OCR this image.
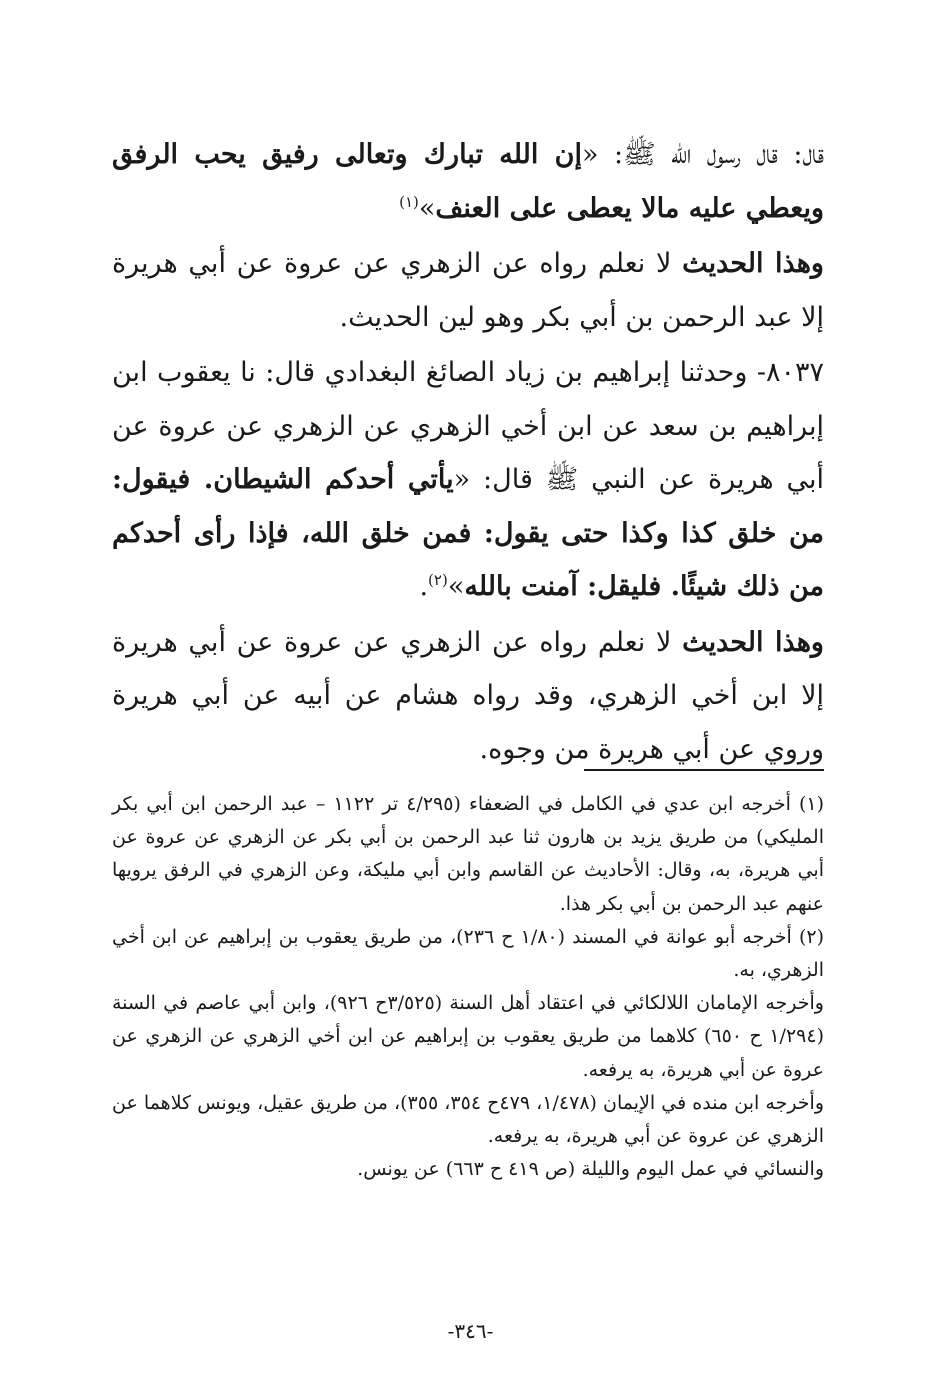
قال: قال رسول الله ﷺ: «إن الله تبارك وتعالى رفيق يحب الرفق ويعطي عليه مالا يعطى على العنف»$^{(١)}$

وهذا الحديث لا نعلم رواه عن الزهري عن عروة عن أبي هريرة إلا عبد الرحمن بن أبي بكر وهو لين الحديث.

٨٠٣٧- وحدثنا إبراهيم بن زياد الصائغ البغدادي قال: نا يعقوب ابن إبراهيم بن سعد عن ابن أخي الزهري عن الزهري عن عروة عن أبي هريرة عن النبي ﷺ قال: «يأتي أحدكم الشيطان. فيقول: من خلق كذا وكذا حتى يقول: فمن خلق الله، فإذا رأى أحدكم من ذلك شيئًا. فليقل: آمنت بالله»$^{(٢)}$.

وهذا الحديث لا نعلم رواه عن الزهري عن عروة عن أبي هريرة إلا ابن أخي الزهري، وقد رواه هشام عن أبيه عن أبي هريرة وروي عن أبي هريرة من وجوه.

(١) أخرجه ابن عدي في الكامل في الضعفاء (٤/٢٩٥ تر ١١٢٢ – عبد الرحمن ابن أبي بكر المليكي) من طريق يزيد بن هارون ثنا عبد الرحمن بن أبي بكر عن الزهري عن عروة عن أبي هريرة، به، وقال: الأحاديث عن القاسم وابن أبي مليكة، وعن الزهري في الرفق يرويها عنهم عبد الرحمن بن أبي بكر هذا.

(٢) أخرجه أبو عوانة في المسند (١/٨٠ ح ٢٣٦)، من طريق يعقوب بن إبراهيم عن ابن أخي الزهري، به.

وأخرجه الإمامان اللالكائي في اعتقاد أهل السنة (٣/٥٢٥ح ٩٢٦)، وابن أبي عاصم في السنة (١/٢٩٤ ح ٦٥٠) كلاهما من طريق يعقوب بن إبراهيم عن ابن أخي الزهري عن الزهري عن عروة عن أبي هريرة، به يرفعه.

وأخرجه ابن منده في الإيمان (١/٤٧٨، ٤٧٩ح ٣٥٤، ٣٥٥)، من طريق عقيل، ويونس كلاهما عن الزهري عن عروة عن أبي هريرة، به يرفعه.

والنسائي في عمل اليوم والليلة (ص ٤١٩ ح ٦٦٣) عن يونس.

-٣٤٦-
